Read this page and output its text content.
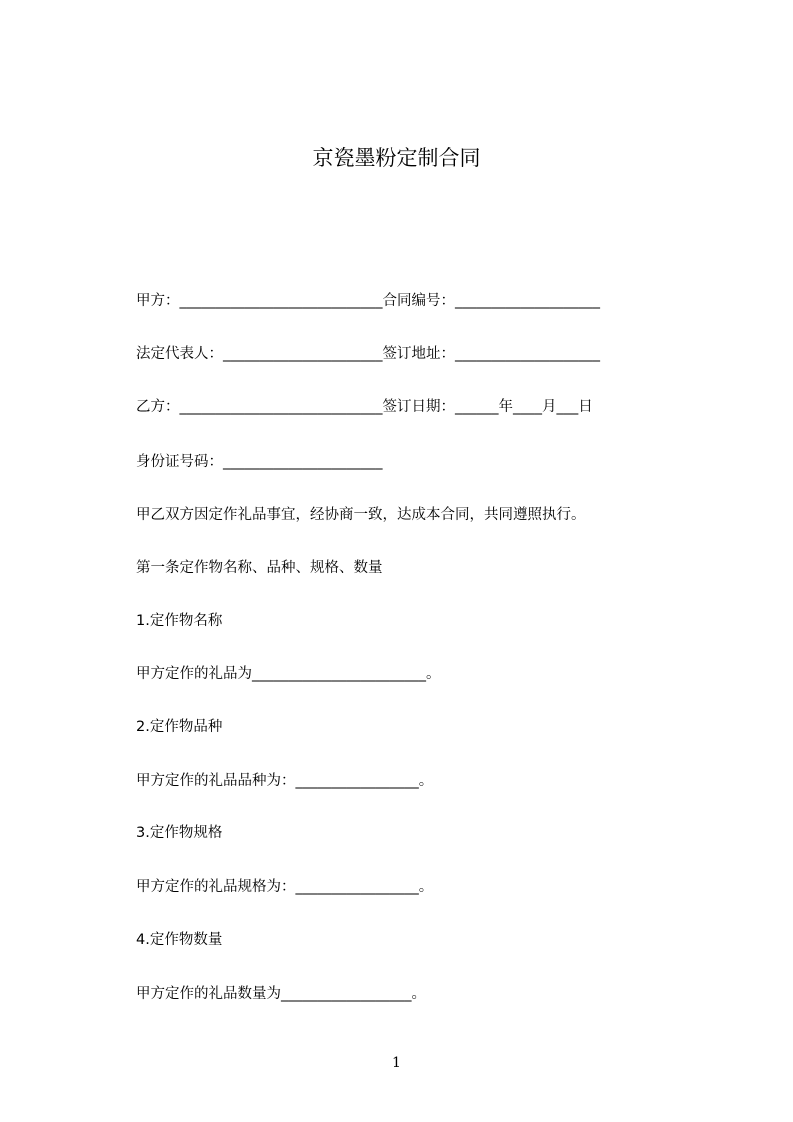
京瓷墨粉定制合同
甲方：____________________________合同编号：____________________
法定代表人：______________________签订地址：____________________
乙方：____________________________签订日期：______年____月___日
身份证号码：______________________
甲乙双方因定作礼品事宜，经协商一致，达成本合同，共同遵照执行。
第一条定作物名称、品种、规格、数量
1.定作物名称
甲方定作的礼品为________________________。
2.定作物品种
甲方定作的礼品品种为：_________________。
3.定作物规格
甲方定作的礼品规格为：_________________。
4.定作物数量
甲方定作的礼品数量为__________________。
1
